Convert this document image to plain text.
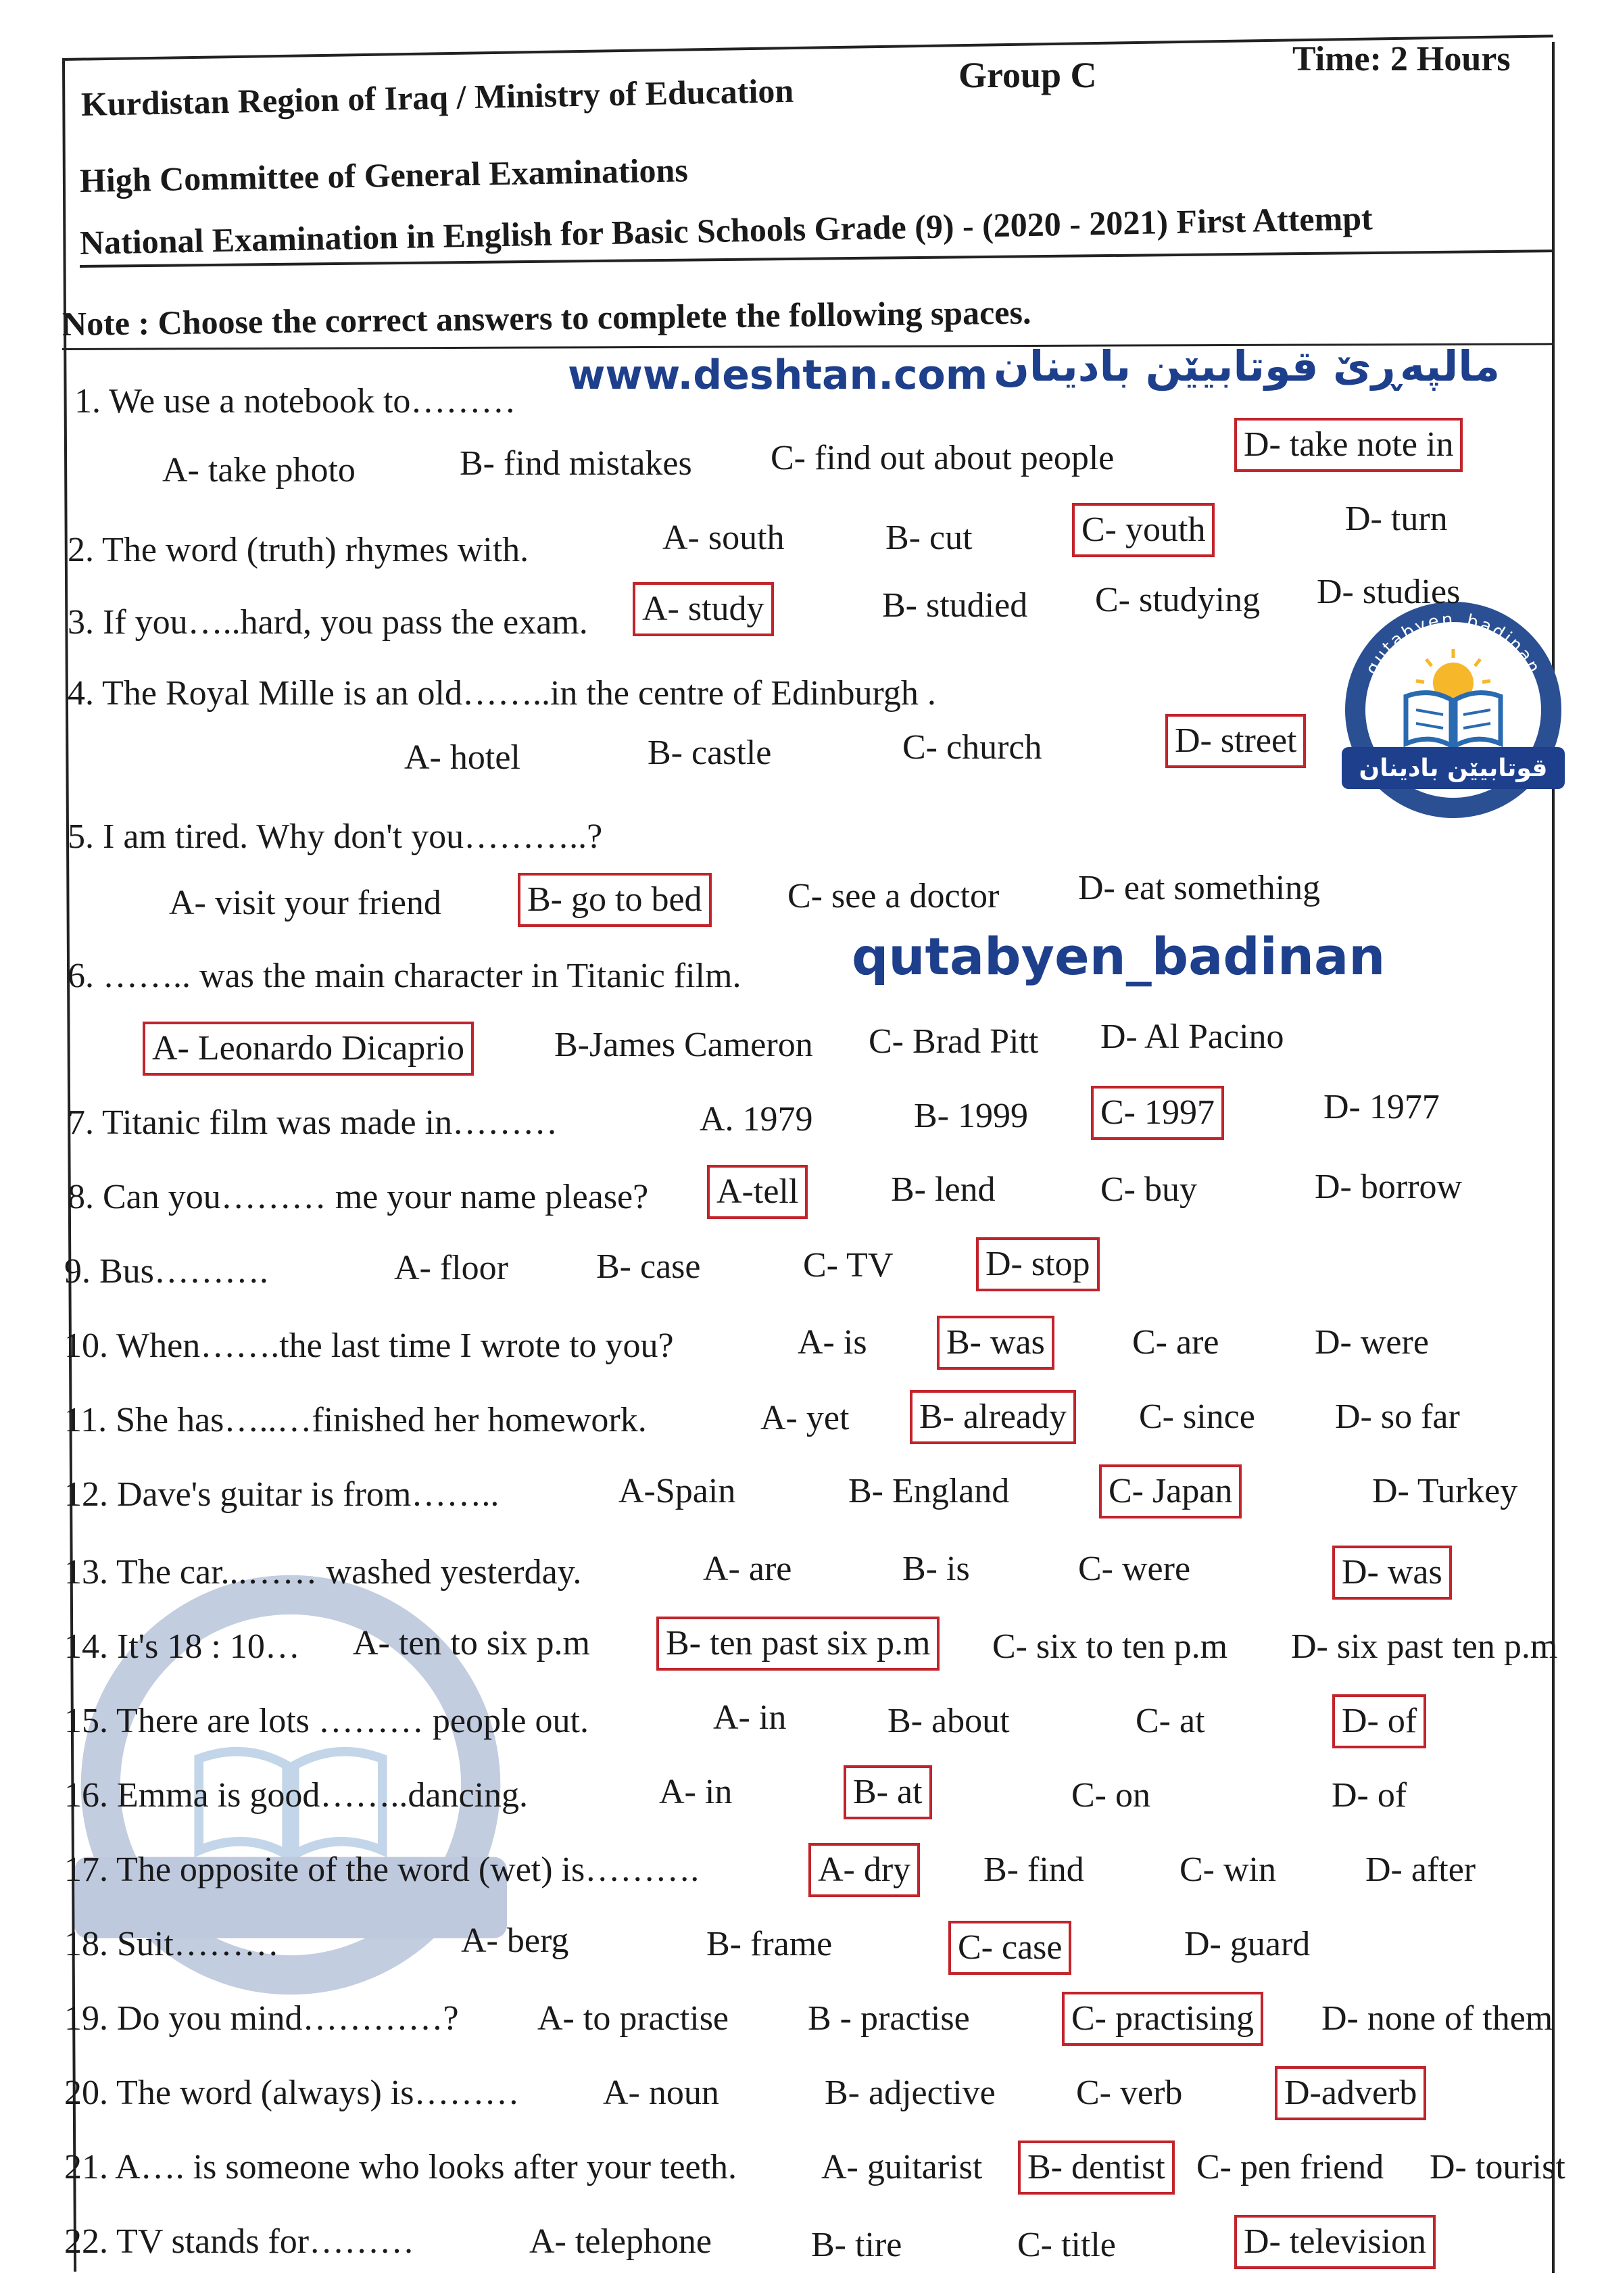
Kurdistan Region of Iraq / Ministry of Education	Group C	Time: 2 Hours
High Committee of General Examinations
National Examination in English for Basic Schools Grade (9) - (2020 - 2021) First Attempt
Note : Choose the correct answers to complete the following spaces.
www.deshtan.com مالپەڕێ قوتابیێن بادینان
qutabyen_badinan
qutabyen_badinan
قوتابیێن بادینان
1. We use a notebook to………
A- take photo	B- find mistakes C- find out about people	D- take note in
2. The word (truth) rhymes with.	A- south	B- cut	C- youth	D- turn
3. If you…..hard, you pass the exam. A- study	B- studied C- studying D- studies
4. The Royal Mille is an old……..in the centre of Edinburgh .
A- hotel	B- castle	C- church	D- street
5. I am tired. Why don't you………..?
A- visit your friend B- go to bed C- see a doctor D- eat something
6. …….. was the main character in Titanic film.
A- Leonardo Dicaprio	B-James Cameron C- Brad Pitt D- Al Pacino
7. Titanic film was made in………	A. 1979	B- 1999 C- 1997	D- 1977
8. Can you……… me your name please? A-tell	B- lend	C- buy	D- borrow
9. Bus……….	A- floor	B- case	C- TV	D- stop
10. When…….the last time I wrote to you?	A- is B- was C- are	D- were
11. She has…..…finished her homework.	A- yet B- already C- since D- so far
12. Dave's guitar is from……..	A-Spain	B- England	C- Japan	D- Turkey
13. The car...…… washed yesterday.	A- are	B- is	C- were	D- was
14. It's 18 : 10… A- ten to six p.m B- ten past six p.m C- six to ten p.m D- six past ten p.m
15. There are lots ……… people out.	A- in	B- about	C- at	D- of
16. Emma is good……..dancing.	A- in	B- at	C- on	D- of
17. The opposite of the word (wet) is……….	A- dry B- find	C- win	D- after
18. Suit………	A- berg	B- frame	C- case	D- guard
19. Do you mind…………? A- to practise B - practise	C- practising D- none of them
20. The word (always) is……… A- noun	B- adjective C- verb	D-adverb
21. A…. is someone who looks after your teeth. A- guitarist B- dentist C- pen friend D- tourist
22. TV stands for………	A- telephone	B- tire	C- title	D- television
